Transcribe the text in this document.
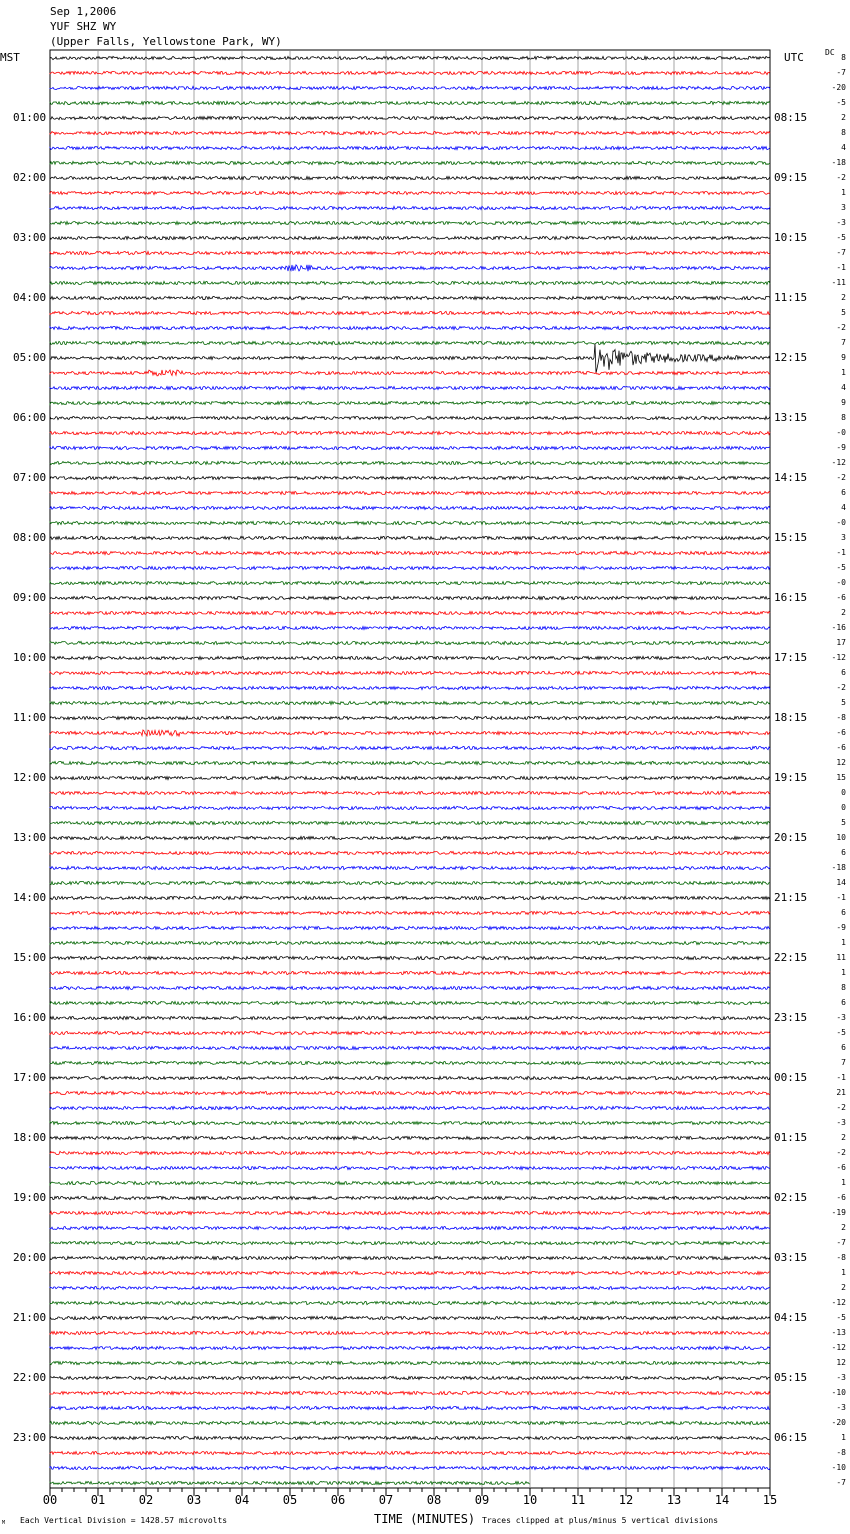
00	01	02	03	04	05	06	07	08	09	10	11	12	13	14	15
Sep 1,2006
YUF SHZ WY
(Upper Falls, Yellowstone Park, WY)
MST	UTC	DC
01:00
02:00
03:00
04:00
05:00
06:00
07:00
08:00
09:00
10:00
11:00
12:00
13:00
14:00
15:00
16:00
17:00
18:00
19:00
20:00
21:00
22:00
23:00
08:15
09:15
10:15
11:15
12:15
13:15
14:15
15:15
16:15
17:15
18:15
19:15
20:15
21:15
22:15
23:15
00:15
01:15
02:15
03:15
04:15
05:15
06:15
8
-7
-20
-5
2
8
4
-18
-2
1
3
-3
-5
-7
-1
-11
2
5
-2
7
9
1
4
9
8
-0
-9
-12
-2
6
4
-0
3
-1
-5
-0
-6
2
-16
17
-12
6
-2
5
-8
-6
-6
12
15
0
0
5
10
6
-18
14
-1
6
-9
1
11
1
8
6
-3
-5
6
7
-1
21
-2
-3
2
-2
-6
1
-6
-19
2
-7
-8
1
2
-12
-5
-13
-12
12
-3
-10
-3
-20
1
-8
-10
-7
Each Vertical Division = 1428.57 microvolts	TIME (MINUTES) Traces clipped at plus/minus 5 vertical divisions
M
